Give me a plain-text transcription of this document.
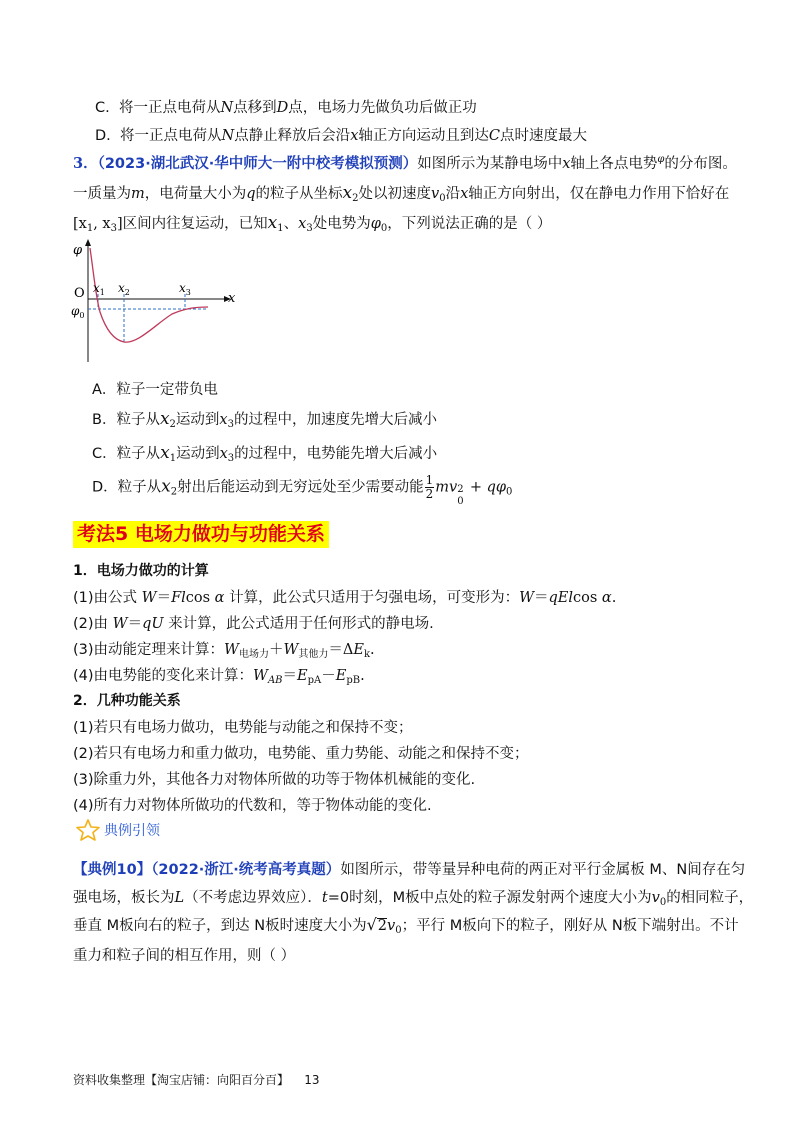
C. 将一正点电荷从N点移到D点，电场力先做负功后做正功
D. 将一正点电荷从N点静止释放后会沿x轴正方向运动且到达C点时速度最大
3．（2023·湖北武汉·华中师大一附中校考模拟预测）如图所示为某静电场中x轴上各点电势$^\varphi$的分布图。
一质量为m，电荷量大小为q的粒子从坐标$x_2$处以初速度$v_0$沿x轴正方向射出，仅在静电力作用下恰好在
[$x_1$, $x_3$]区间内往复运动，已知$x_1$、$x_3$处电势为$\varphi_0$，下列说法正确的是（ ）
φ
O	x
$x_1$ $x_2$	$x_3$
$\varphi_0$
A．粒子一定带负电
B．粒子从$x_2$运动到$x_3$的过程中，加速度先增大后减小
C．粒子从$x_1$运动到$x_3$的过程中，电势能先增大后减小
D．粒子从$x_2$射出后能运动到无穷远处至少需要动能 $\frac{1}{2}$ mv 2
0
+ $q\varphi_0$
考法5 电场力做功与功能关系
1．电场力做功的计算
(1)由公式 W＝Flcos α 计算，此公式只适用于匀强电场，可变形为：W＝qElcos α.
(2)由 W＝qU 来计算，此公式适用于任何形式的静电场.
(3)由动能定理来计算：$W_{电场力}+W_{其他力}=\Delta E_k$.
(4)由电势能的变化来计算：$W_{AB}=E_{pA}-E_{pB}$.
2．几种功能关系
(1)若只有电场力做功，电势能与动能之和保持不变；
(2)若只有电场力和重力做功，电势能、重力势能、动能之和保持不变；
(3)除重力外，其他各力对物体所做的功等于物体机械能的变化.
(4)所有力对物体所做功的代数和，等于物体动能的变化.
典例引领
【典例10】（2022·浙江·统考高考真题）如图所示，带等量异种电荷的两正对平行金属板 M、N间存在匀
强电场，板长为L（不考虑边界效应）．t=0时刻，M板中点处的粒子源发射两个速度大小为$v_0$的相同粒子，
垂直 M板向右的粒子，到达 N板时速度大小为$√2v_0$；平行 M板向下的粒子，刚好从 N板下端射出。不计
重力和粒子间的相互作用，则（ ）
资料收集整理【淘宝店铺：向阳百分百】 13
